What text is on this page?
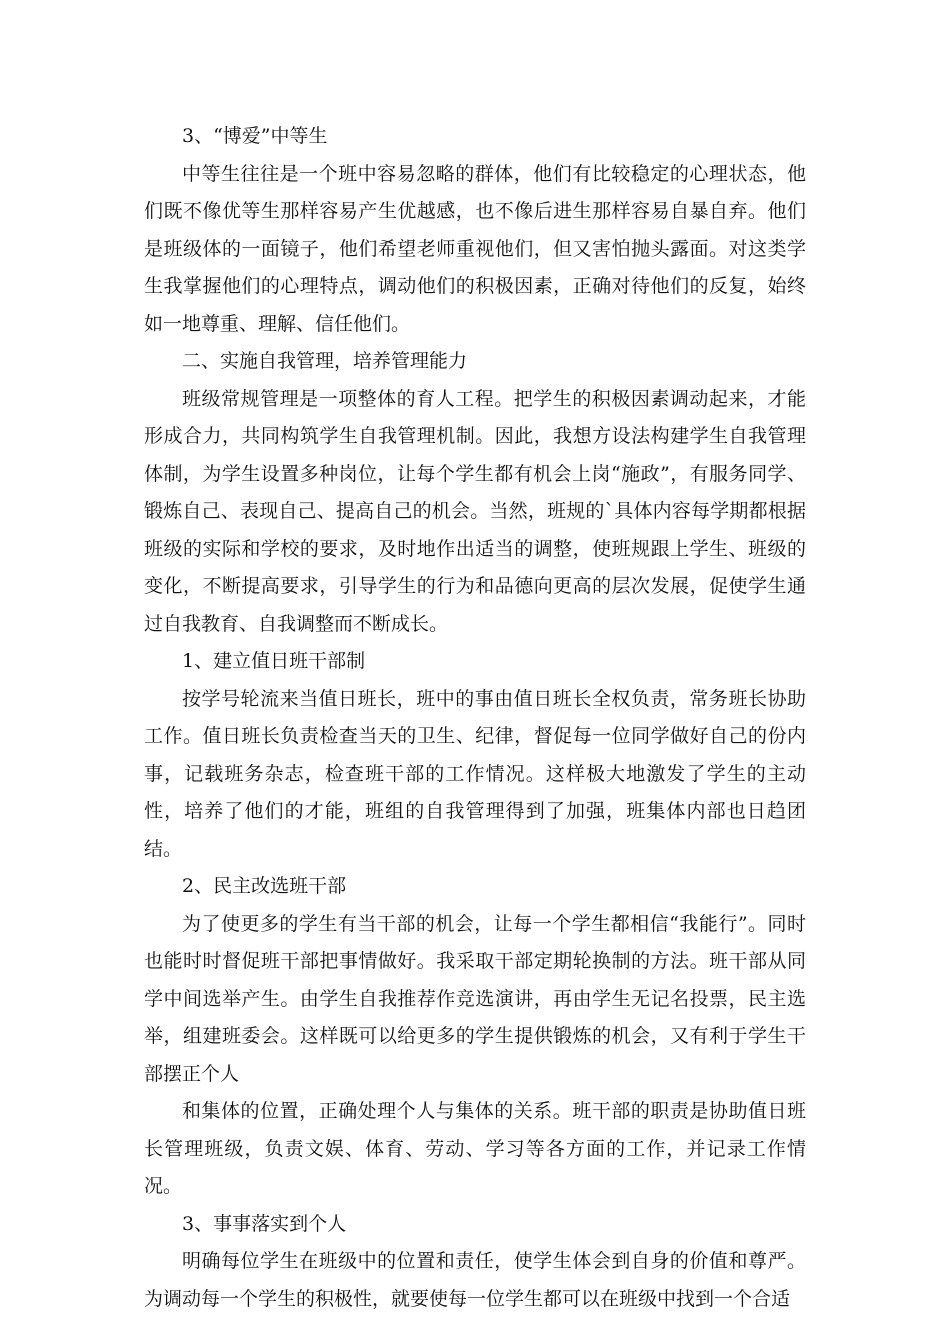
3、“博爱”中等生

中等生往往是一个班中容易忽略的群体，他们有比较稳定的心理状态，他们既不像优等生那样容易产生优越感，也不像后进生那样容易自暴自弃。他们是班级体的一面镜子，他们希望老师重视他们，但又害怕抛头露面。对这类学生我掌握他们的心理特点，调动他们的积极因素，正确对待他们的反复，始终如一地尊重、理解、信任他们。

二、实施自我管理，培养管理能力

班级常规管理是一项整体的育人工程。把学生的积极因素调动起来，才能形成合力，共同构筑学生自我管理机制。因此，我想方设法构建学生自我管理体制，为学生设置多种岗位，让每个学生都有机会上岗“施政”，有服务同学、锻炼自己、表现自己、提高自己的机会。当然，班规的`具体内容每学期都根据班级的实际和学校的要求，及时地作出适当的调整，使班规跟上学生、班级的变化，不断提高要求，引导学生的行为和品德向更高的层次发展，促使学生通过自我教育、自我调整而不断成长。

1、建立值日班干部制

按学号轮流来当值日班长，班中的事由值日班长全权负责，常务班长协助工作。值日班长负责检查当天的卫生、纪律，督促每一位同学做好自己的份内事，记载班务杂志，检查班干部的工作情况。这样极大地激发了学生的主动性，培养了他们的才能，班组的自我管理得到了加强，班集体内部也日趋团结。

2、民主改选班干部

为了使更多的学生有当干部的机会，让每一个学生都相信“我能行”。同时也能时时督促班干部把事情做好。我采取干部定期轮换制的方法。班干部从同学中间选举产生。由学生自我推荐作竞选演讲，再由学生无记名投票，民主选举，组建班委会。这样既可以给更多的学生提供锻炼的机会，又有利于学生干部摆正个人

和集体的位置，正确处理个人与集体的关系。班干部的职责是协助值日班长管理班级，负责文娱、体育、劳动、学习等各方面的工作，并记录工作情况。

3、事事落实到个人

明确每位学生在班级中的位置和责任，使学生体会到自身的价值和尊严。为调动每一个学生的积极性，就要使每一位学生都可以在班级中找到一个合适
